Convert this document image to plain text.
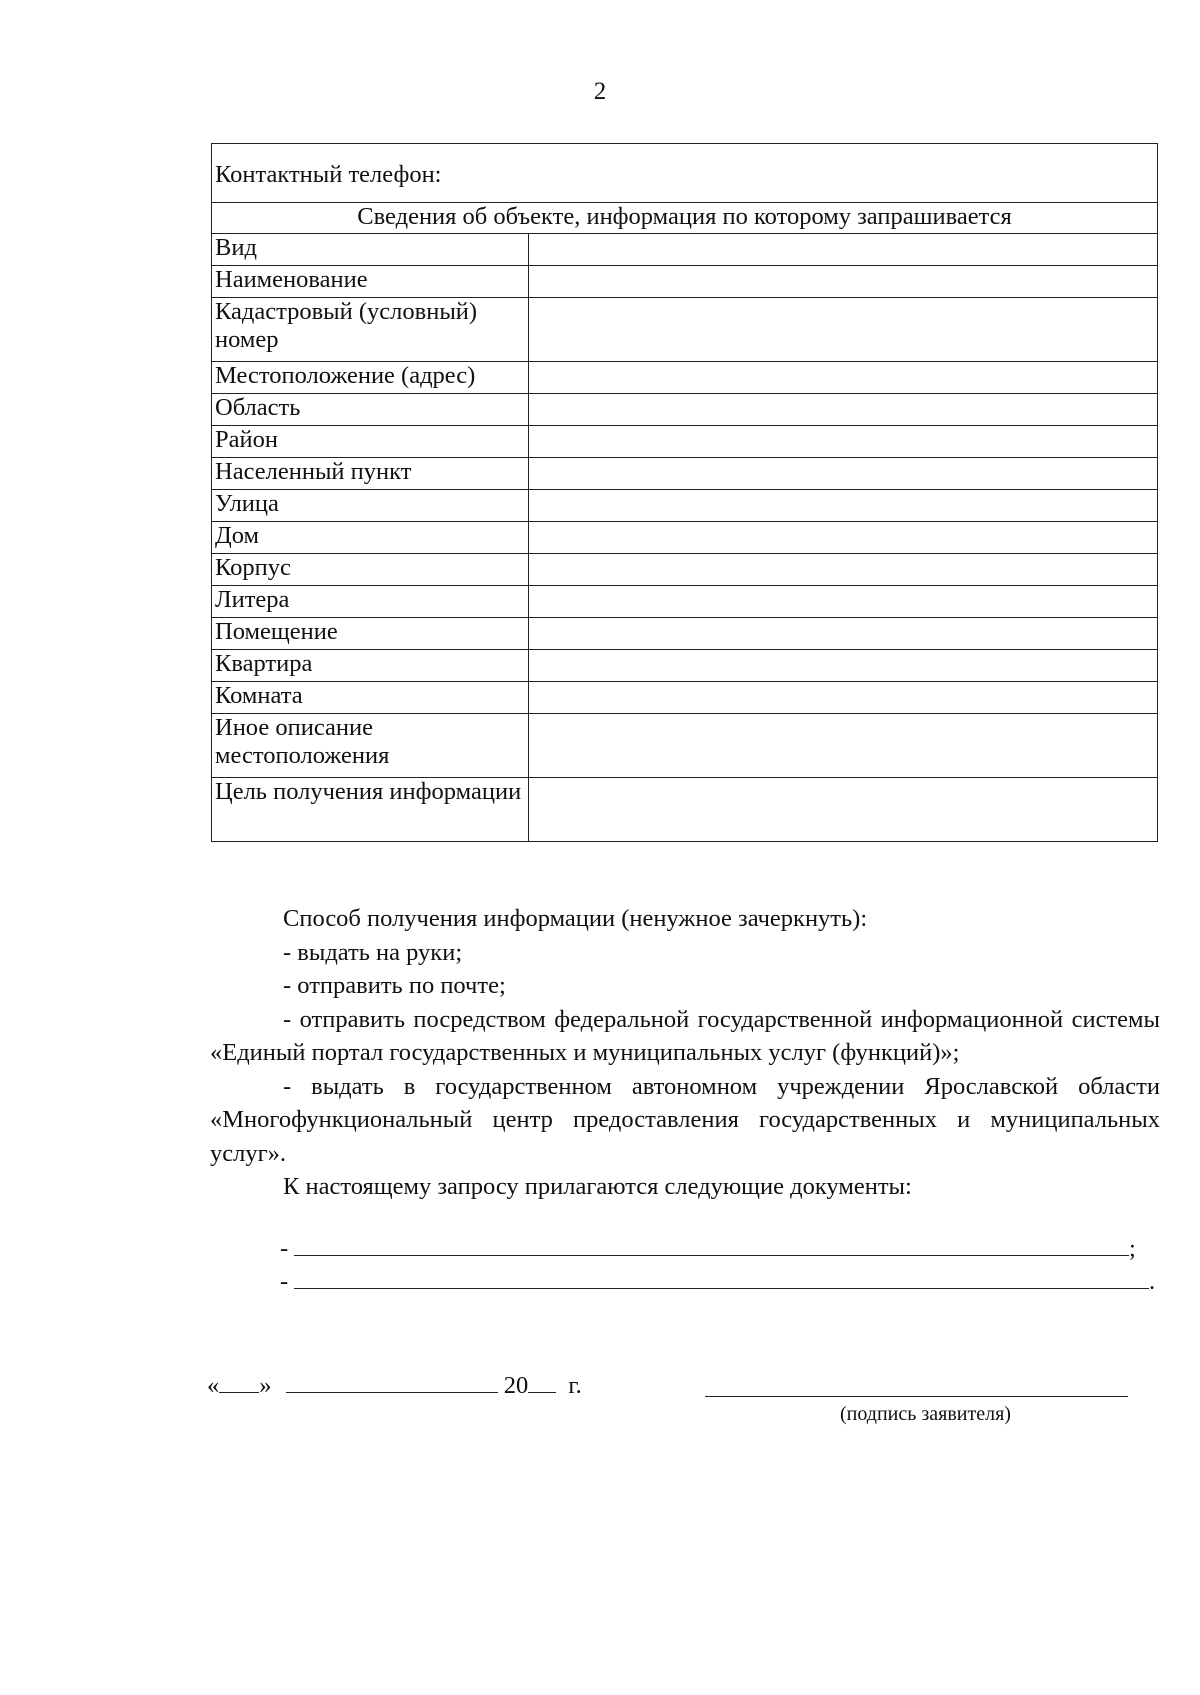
2
Контактный телефон:	
Сведения об объекте, информация по которому запрашивается	
Вид	
Наименование	
Кадастровый (условный) номер	
Местоположение (адрес)	
Область	
Район	
Населенный пункт	
Улица	
Дом	
Корпус	
Литера	
Помещение	
Квартира	
Комната	
Иное описание местоположения	
Цель получения информации	

Способ получения информации (ненужное зачеркнуть):

- выдать на руки;

- отправить по почте;

- отправить посредством федеральной государственной информационной системы «Единый портал государственных и муниципальных услуг (функций)»;

- выдать в государственном автономном учреждении Ярославской области «Многофункциональный центр предоставления государственных и муниципальных услуг».

К настоящему запросу прилагаются следующие документы:

-	;
-	.
« »	20 г.
(подпись заявителя)
